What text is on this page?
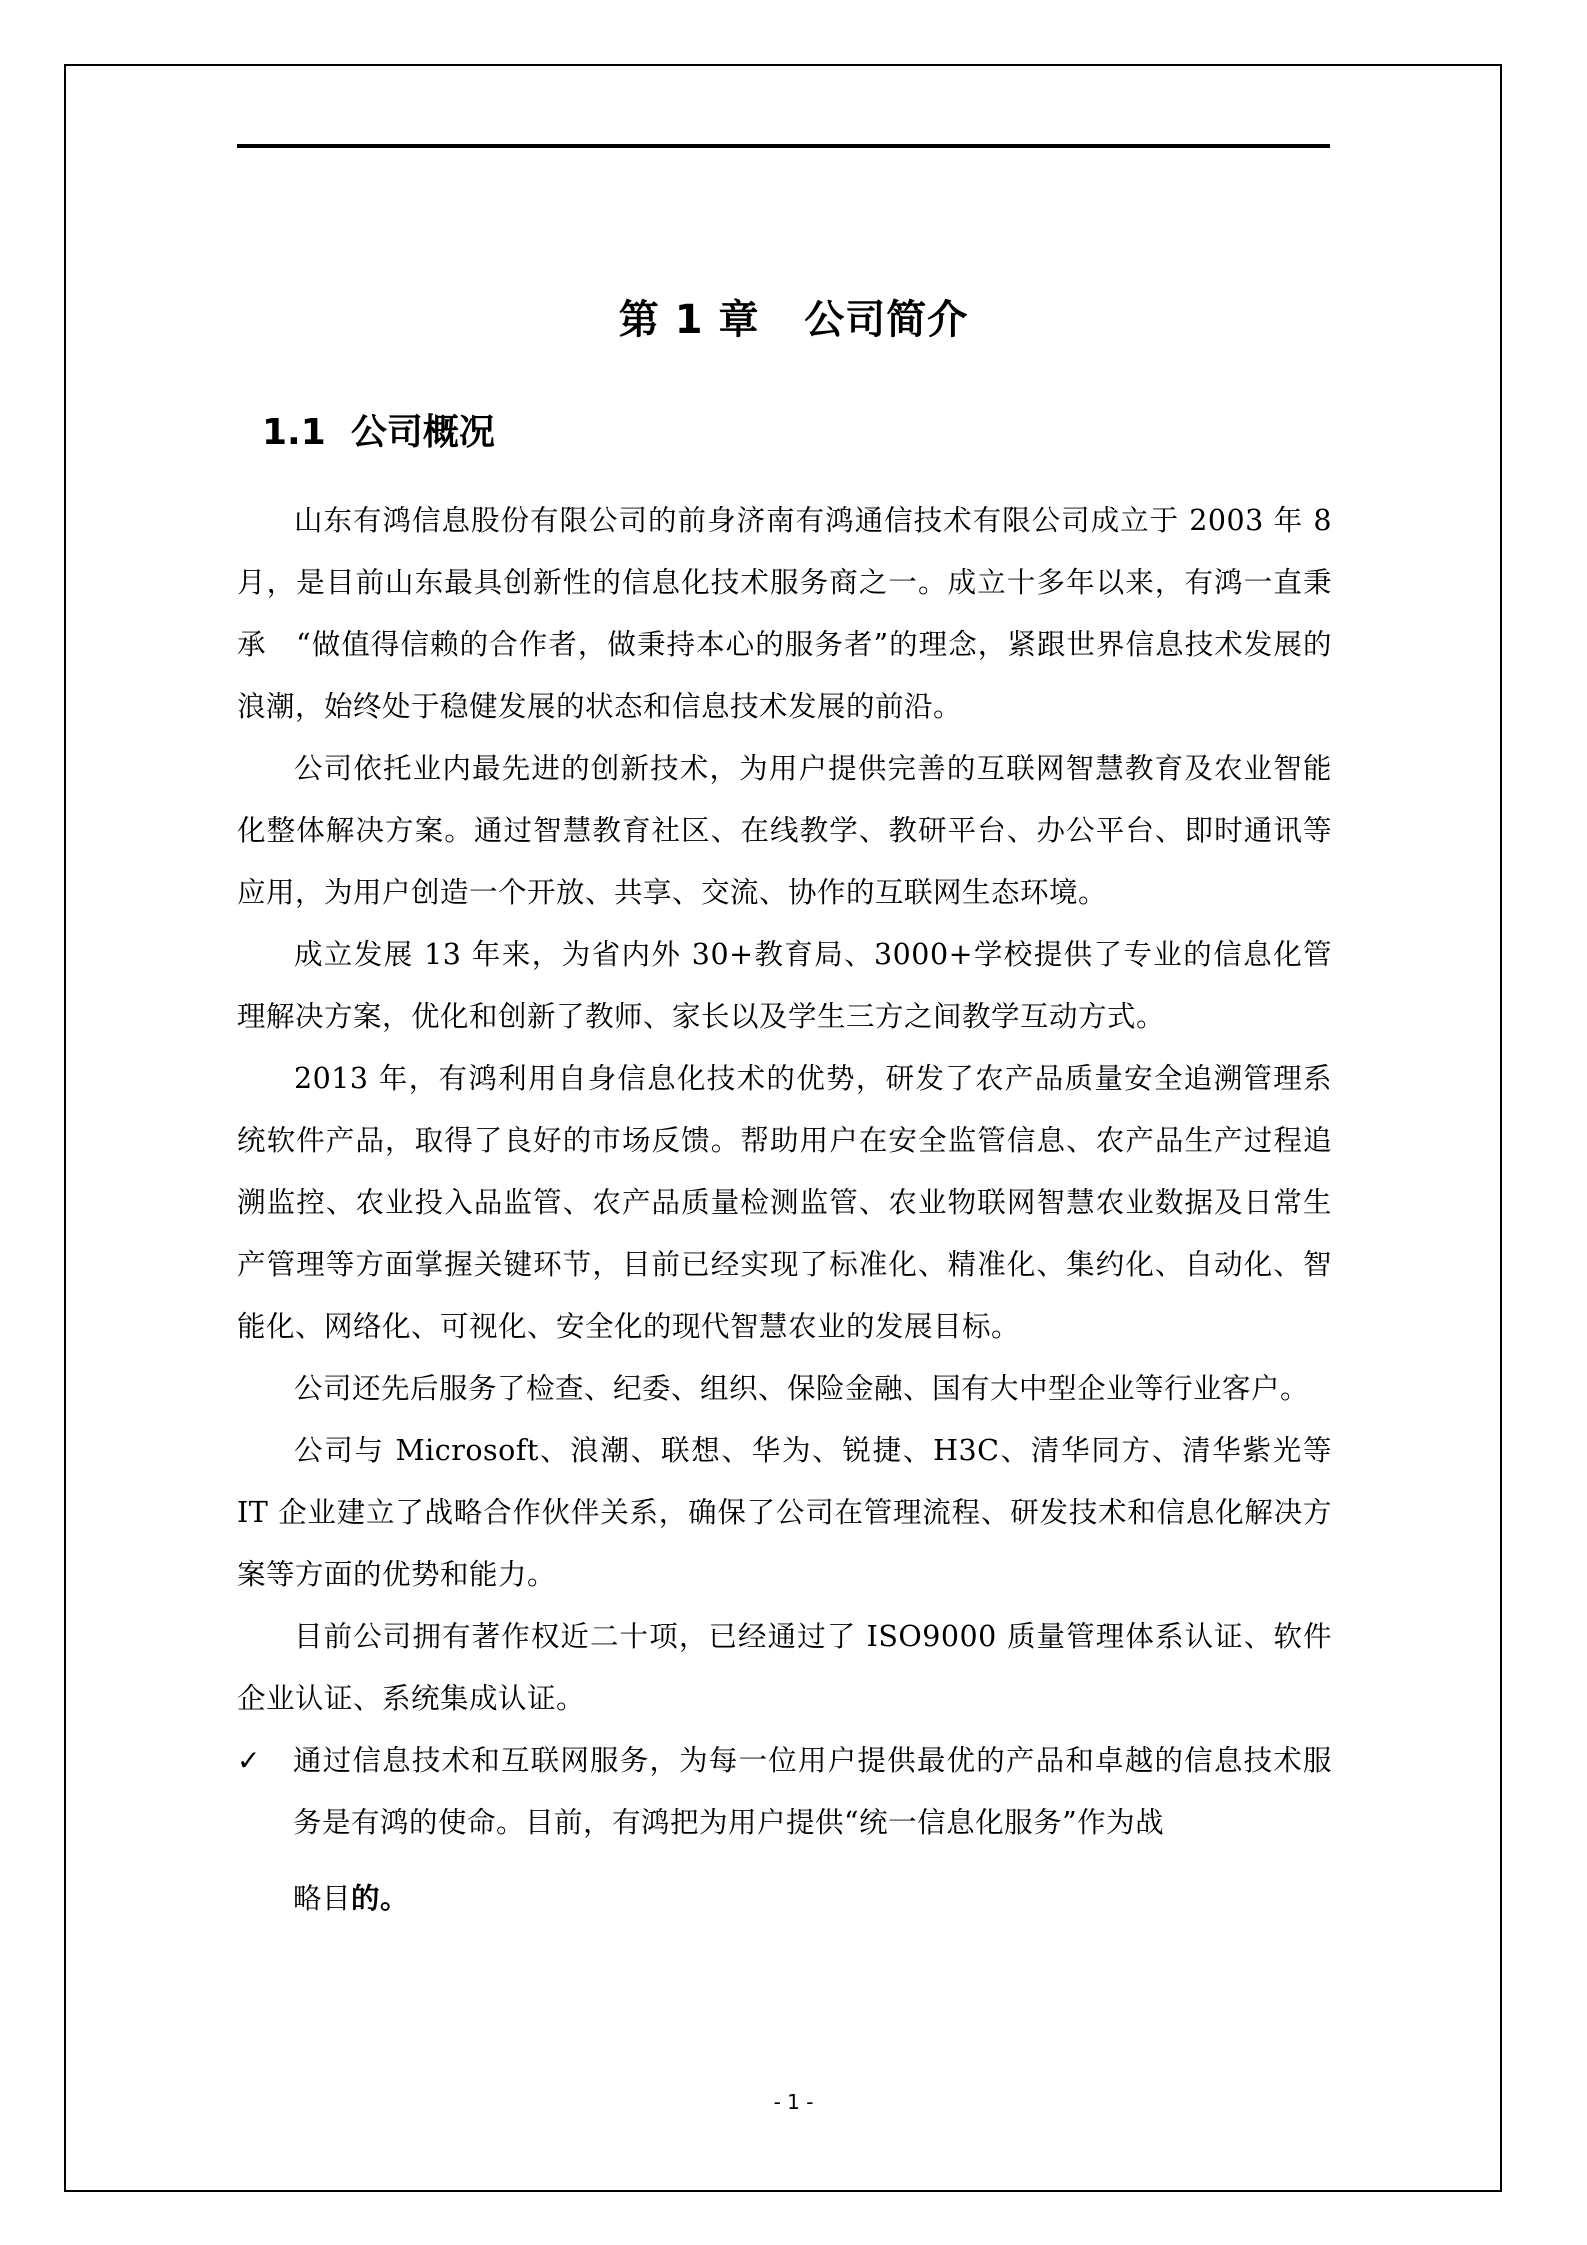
第 1 章   公司简介
1.1  公司概况

山东有鸿信息股份有限公司的前身济南有鸿通信技术有限公司成立于 2003 年 8 月，是目前山东最具创新性的信息化技术服务商之一。成立十多年以来，有鸿一直秉承　“做值得信赖的合作者，做秉持本心的服务者”的理念，紧跟世界信息技术发展的浪潮，始终处于稳健发展的状态和信息技术发展的前沿。

公司依托业内最先进的创新技术，为用户提供完善的互联网智慧教育及农业智能化整体解决方案。通过智慧教育社区、在线教学、教研平台、办公平台、即时通讯等应用，为用户创造一个开放、共享、交流、协作的互联网生态环境。

成立发展 13 年来，为省内外 30+教育局、3000+学校提供了专业的信息化管理解决方案，优化和创新了教师、家长以及学生三方之间教学互动方式。

2013 年，有鸿利用自身信息化技术的优势，研发了农产品质量安全追溯管理系统软件产品，取得了良好的市场反馈。帮助用户在安全监管信息、农产品生产过程追溯监控、农业投入品监管、农产品质量检测监管、农业物联网智慧农业数据及日常生产管理等方面掌握关键环节，目前已经实现了标准化、精准化、集约化、自动化、智能化、网络化、可视化、安全化的现代智慧农业的发展目标。

公司还先后服务了检查、纪委、组织、保险金融、国有大中型企业等行业客户。

公司与 Microsoft、浪潮、联想、华为、锐捷、H3C、清华同方、清华紫光等 IT 企业建立了战略合作伙伴关系，确保了公司在管理流程、研发技术和信息化解决方案等方面的优势和能力。

目前公司拥有著作权近二十项，已经通过了 ISO9000 质量管理体系认证、软件企业认证、系统集成认证。

✓ 通过信息技术和互联网服务，为每一位用户提供最优的产品和卓越的信息技术服务是有鸿的使命。目前，有鸿把为用户提供“统一信息化服务”作为战
略目的。
- 1 -
